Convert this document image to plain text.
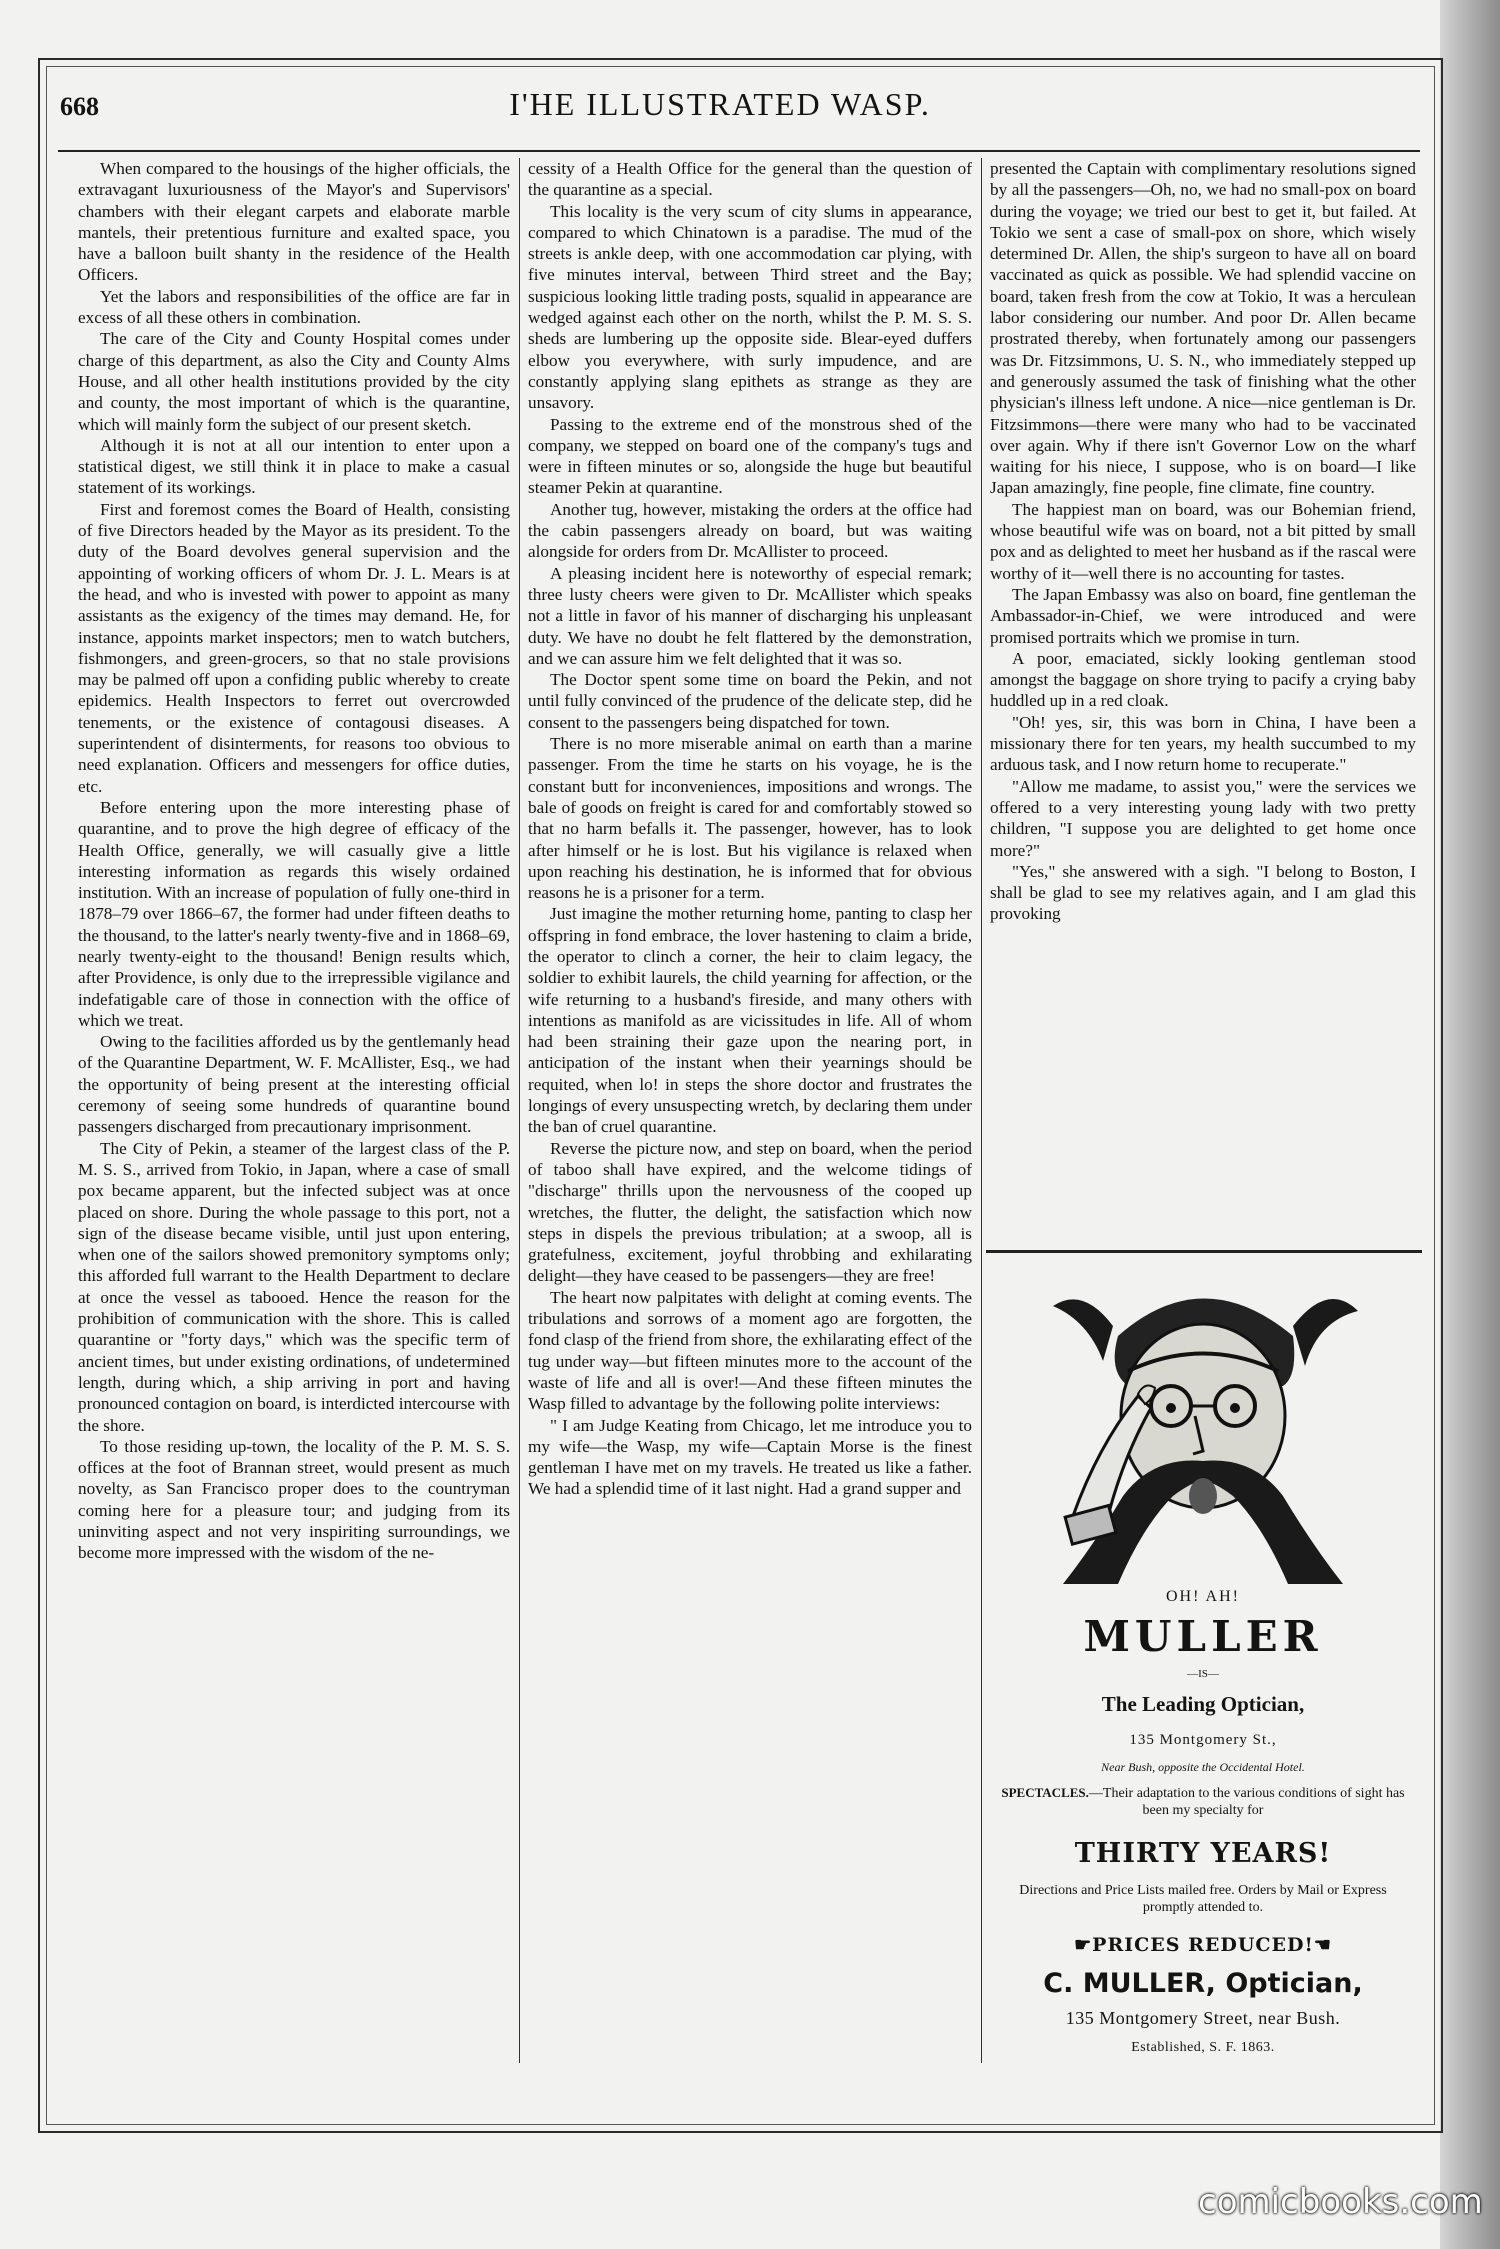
668	I'HE ILLUSTRATED WASP.

When compared to the housings of the higher officials, the extravagant luxuriousness of the Mayor's and Supervisors' chambers with their elegant carpets and elaborate marble mantels, their pretentious furniture and exalted space, you have a balloon built shanty in the residence of the Health Officers.

Yet the labors and responsibilities of the office are far in excess of all these others in combination.

The care of the City and County Hospital comes under charge of this department, as also the City and County Alms House, and all other health institutions provided by the city and county, the most important of which is the quarantine, which will mainly form the subject of our present sketch.

Although it is not at all our intention to enter upon a statistical digest, we still think it in place to make a casual statement of its workings.

First and foremost comes the Board of Health, consisting of five Directors headed by the Mayor as its president. To the duty of the Board devolves general supervision and the appointing of working officers of whom Dr. J. L. Mears is at the head, and who is invested with power to appoint as many assistants as the exigency of the times may demand. He, for instance, appoints market inspectors; men to watch butchers, fishmongers, and green-grocers, so that no stale provisions may be palmed off upon a confiding public whereby to create epidemics. Health Inspectors to ferret out overcrowded tenements, or the existence of contagousi diseases. A superintendent of disinterments, for reasons too obvious to need explanation. Officers and messengers for office duties, etc.

Before entering upon the more interesting phase of quarantine, and to prove the high degree of efficacy of the Health Office, generally, we will casually give a little interesting information as regards this wisely ordained institution. With an increase of population of fully one-third in 1878–79 over 1866–67, the former had under fifteen deaths to the thousand, to the latter's nearly twenty-five and in 1868–69, nearly twenty-eight to the thousand! Benign results which, after Providence, is only due to the irrepressible vigilance and indefatigable care of those in connection with the office of which we treat.

Owing to the facilities afforded us by the gentlemanly head of the Quarantine Department, W. F. McAllister, Esq., we had the opportunity of being present at the interesting official ceremony of seeing some hundreds of quarantine bound passengers discharged from precautionary imprisonment.

The City of Pekin, a steamer of the largest class of the P. M. S. S., arrived from Tokio, in Japan, where a case of small pox became apparent, but the infected subject was at once placed on shore. During the whole passage to this port, not a sign of the disease became visible, until just upon entering, when one of the sailors showed premonitory symptoms only; this afforded full warrant to the Health Department to declare at once the vessel as tabooed. Hence the reason for the prohibition of communication with the shore. This is called quarantine or "forty days," which was the specific term of ancient times, but under existing ordinations, of undetermined length, during which, a ship arriving in port and having pronounced contagion on board, is interdicted intercourse with the shore.

To those residing up-town, the locality of the P. M. S. S. offices at the foot of Brannan street, would present as much novelty, as San Francisco proper does to the countryman coming here for a pleasure tour; and judging from its uninviting aspect and not very inspiriting surroundings, we become more impressed with the wisdom of the ne-

cessity of a Health Office for the general than the question of the quarantine as a special.

This locality is the very scum of city slums in appearance, compared to which Chinatown is a paradise. The mud of the streets is ankle deep, with one accommodation car plying, with five minutes interval, between Third street and the Bay; suspicious looking little trading posts, squalid in appearance are wedged against each other on the north, whilst the P. M. S. S. sheds are lumbering up the opposite side. Blear-eyed duffers elbow you everywhere, with surly impudence, and are constantly applying slang epithets as strange as they are unsavory.

Passing to the extreme end of the monstrous shed of the company, we stepped on board one of the company's tugs and were in fifteen minutes or so, alongside the huge but beautiful steamer Pekin at quarantine.

Another tug, however, mistaking the orders at the office had the cabin passengers already on board, but was waiting alongside for orders from Dr. McAllister to proceed.

A pleasing incident here is noteworthy of especial remark; three lusty cheers were given to Dr. McAllister which speaks not a little in favor of his manner of discharging his unpleasant duty. We have no doubt he felt flattered by the demonstration, and we can assure him we felt delighted that it was so.

The Doctor spent some time on board the Pekin, and not until fully convinced of the prudence of the delicate step, did he consent to the passengers being dispatched for town.

There is no more miserable animal on earth than a marine passenger. From the time he starts on his voyage, he is the constant butt for inconveniences, impositions and wrongs. The bale of goods on freight is cared for and comfortably stowed so that no harm befalls it. The passenger, however, has to look after himself or he is lost. But his vigilance is relaxed when upon reaching his destination, he is informed that for obvious reasons he is a prisoner for a term.

Just imagine the mother returning home, panting to clasp her offspring in fond embrace, the lover hastening to claim a bride, the operator to clinch a corner, the heir to claim legacy, the soldier to exhibit laurels, the child yearning for affection, or the wife returning to a husband's fireside, and many others with intentions as manifold as are vicissitudes in life. All of whom had been straining their gaze upon the nearing port, in anticipation of the instant when their yearnings should be requited, when lo! in steps the shore doctor and frustrates the longings of every unsuspecting wretch, by declaring them under the ban of cruel quarantine.

Reverse the picture now, and step on board, when the period of taboo shall have expired, and the welcome tidings of "discharge" thrills upon the nervousness of the cooped up wretches, the flutter, the delight, the satisfaction which now steps in dispels the previous tribulation; at a swoop, all is gratefulness, excitement, joyful throbbing and exhilarating delight—they have ceased to be passengers—they are free!

The heart now palpitates with delight at coming events. The tribulations and sorrows of a moment ago are forgotten, the fond clasp of the friend from shore, the exhilarating effect of the tug under way—but fifteen minutes more to the account of the waste of life and all is over!—And these fifteen minutes the Wasp filled to advantage by the following polite interviews:

" I am Judge Keating from Chicago, let me introduce you to my wife—the Wasp, my wife—Captain Morse is the finest gentleman I have met on my travels. He treated us like a father. We had a splendid time of it last night. Had a grand supper and

presented the Captain with complimentary resolutions signed by all the passengers—Oh, no, we had no small-pox on board during the voyage; we tried our best to get it, but failed. At Tokio we sent a case of small-pox on shore, which wisely determined Dr. Allen, the ship's surgeon to have all on board vaccinated as quick as possible. We had splendid vaccine on board, taken fresh from the cow at Tokio, It was a herculean labor considering our number. And poor Dr. Allen became prostrated thereby, when fortunately among our passengers was Dr. Fitzsimmons, U. S. N., who immediately stepped up and generously assumed the task of finishing what the other physician's illness left undone. A nice—nice gentleman is Dr. Fitzsimmons—there were many who had to be vaccinated over again. Why if there isn't Governor Low on the wharf waiting for his niece, I suppose, who is on board—I like Japan amazingly, fine people, fine climate, fine country.

The happiest man on board, was our Bohemian friend, whose beautiful wife was on board, not a bit pitted by small pox and as delighted to meet her husband as if the rascal were worthy of it—well there is no accounting for tastes.

The Japan Embassy was also on board, fine gentleman the Ambassador-in-Chief, we were introduced and were promised portraits which we promise in turn.

A poor, emaciated, sickly looking gentleman stood amongst the baggage on shore trying to pacify a crying baby huddled up in a red cloak.

"Oh! yes, sir, this was born in China, I have been a missionary there for ten years, my health succumbed to my arduous task, and I now return home to recuperate."

"Allow me madame, to assist you," were the services we offered to a very interesting young lady with two pretty children, "I suppose you are delighted to get home once more?"

"Yes," she answered with a sigh. "I belong to Boston, I shall be glad to see my relatives again, and I am glad this provoking

OH! AH!
MULLER
—IS—
The Leading Optician,
135 Montgomery St.,
Near Bush, opposite the Occidental Hotel.
SPECTACLES.—Their adaptation to the various conditions of sight has been my specialty for
THIRTY YEARS!
Directions and Price Lists mailed free. Orders by Mail or Express promptly attended to.
☛PRICES REDUCED!☚
C. MULLER, Optician,
135 Montgomery Street, near Bush.
Established, S. F. 1863.
comicbooks.com
